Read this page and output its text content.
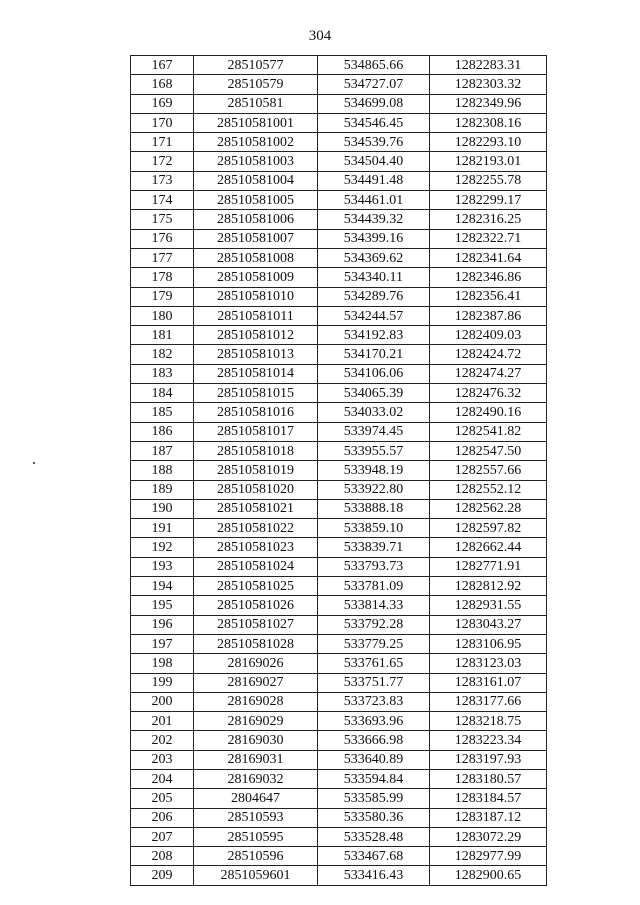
304
167	28510577	534865.66	1282283.31
168	28510579	534727.07	1282303.32
169	28510581	534699.08	1282349.96
170	28510581001	534546.45	1282308.16
171	28510581002	534539.76	1282293.10
172	28510581003	534504.40	1282193.01
173	28510581004	534491.48	1282255.78
174	28510581005	534461.01	1282299.17
175	28510581006	534439.32	1282316.25
176	28510581007	534399.16	1282322.71
177	28510581008	534369.62	1282341.64
178	28510581009	534340.11	1282346.86
179	28510581010	534289.76	1282356.41
180	28510581011	534244.57	1282387.86
181	28510581012	534192.83	1282409.03
182	28510581013	534170.21	1282424.72
183	28510581014	534106.06	1282474.27
184	28510581015	534065.39	1282476.32
185	28510581016	534033.02	1282490.16
186	28510581017	533974.45	1282541.82
187	28510581018	533955.57	1282547.50
188	28510581019	533948.19	1282557.66
189	28510581020	533922.80	1282552.12
190	28510581021	533888.18	1282562.28
191	28510581022	533859.10	1282597.82
192	28510581023	533839.71	1282662.44
193	28510581024	533793.73	1282771.91
194	28510581025	533781.09	1282812.92
195	28510581026	533814.33	1282931.55
196	28510581027	533792.28	1283043.27
197	28510581028	533779.25	1283106.95
198	28169026	533761.65	1283123.03
199	28169027	533751.77	1283161.07
200	28169028	533723.83	1283177.66
201	28169029	533693.96	1283218.75
202	28169030	533666.98	1283223.34
203	28169031	533640.89	1283197.93
204	28169032	533594.84	1283180.57
205	2804647	533585.99	1283184.57
206	28510593	533580.36	1283187.12
207	28510595	533528.48	1283072.29
208	28510596	533467.68	1282977.99
209	2851059601	533416.43	1282900.65
